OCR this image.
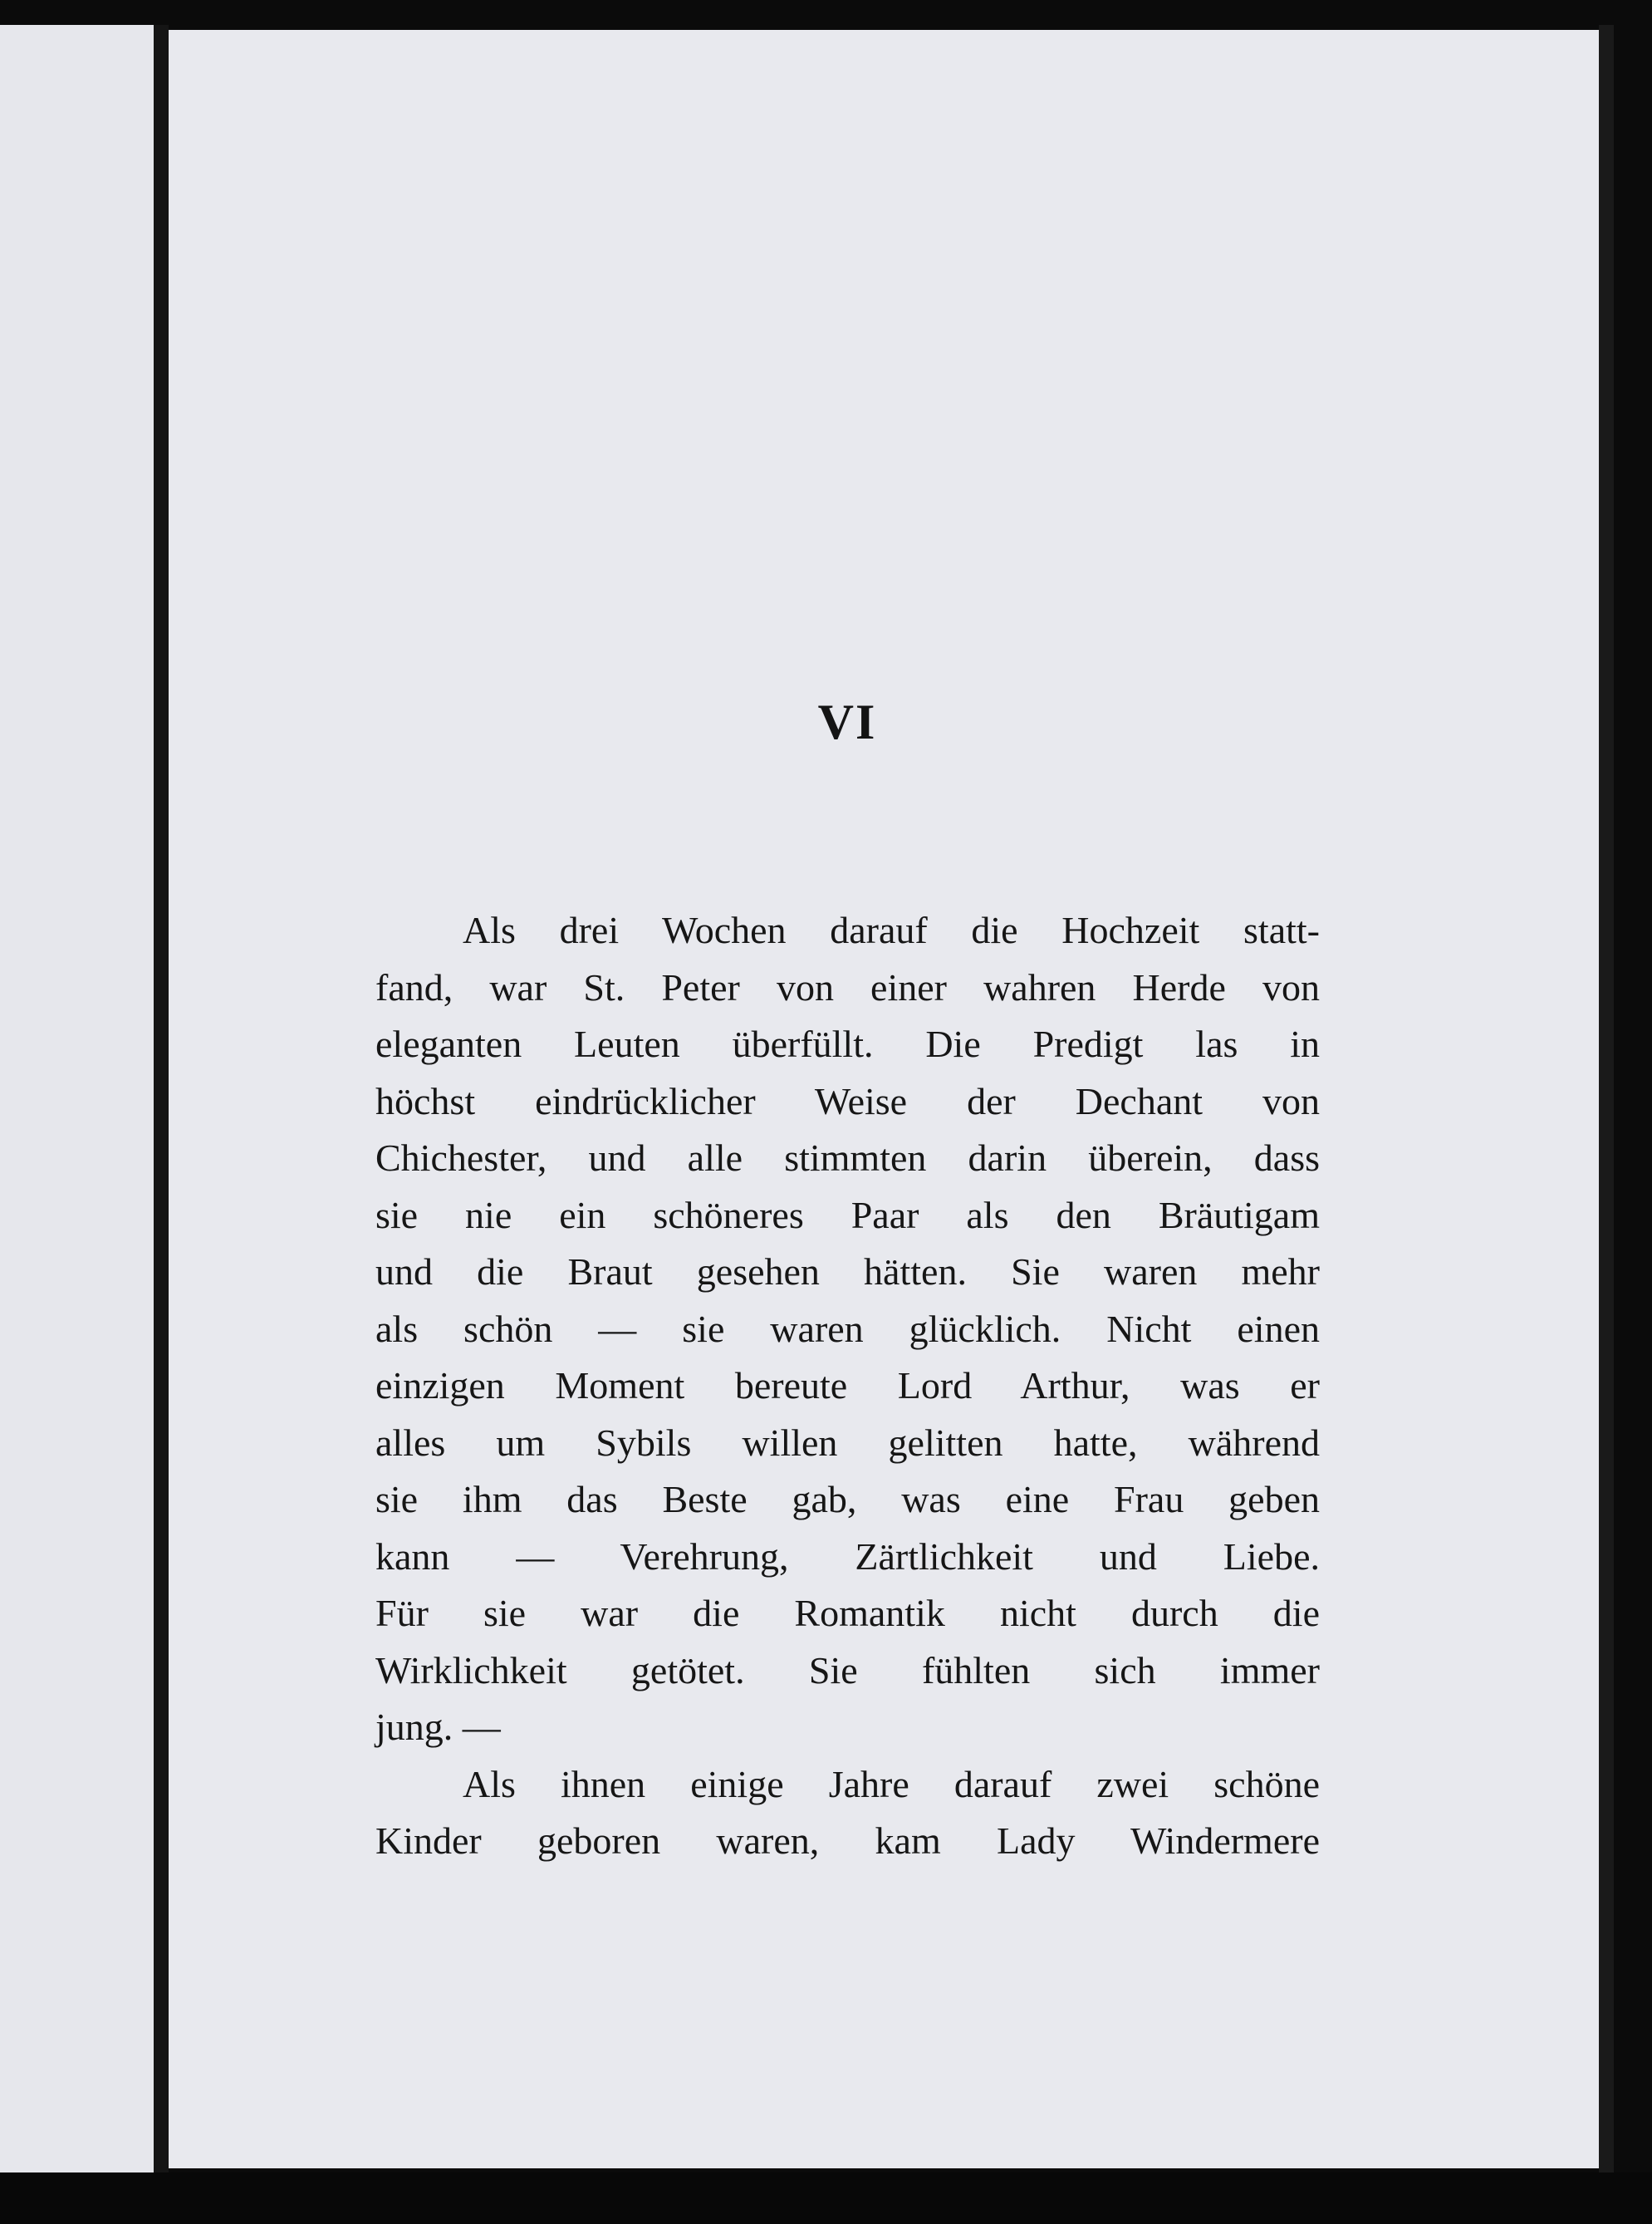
VI
Als drei Wochen darauf die Hochzeit statt-
fand, war St. Peter von einer wahren Herde von
eleganten Leuten überfüllt. Die Predigt las in
höchst eindrücklicher Weise der Dechant von
Chichester, und alle stimmten darin überein, dass
sie nie ein schöneres Paar als den Bräutigam
und die Braut gesehen hätten. Sie waren mehr
als schön — sie waren glücklich. Nicht einen
einzigen Moment bereute Lord Arthur, was er
alles um Sybils willen gelitten hatte, während
sie ihm das Beste gab, was eine Frau geben
kann — Verehrung, Zärtlichkeit und Liebe.
Für sie war die Romantik nicht durch die
Wirklichkeit getötet. Sie fühlten sich immer
jung. —
Als ihnen einige Jahre darauf zwei schöne
Kinder geboren waren, kam Lady Windermere
